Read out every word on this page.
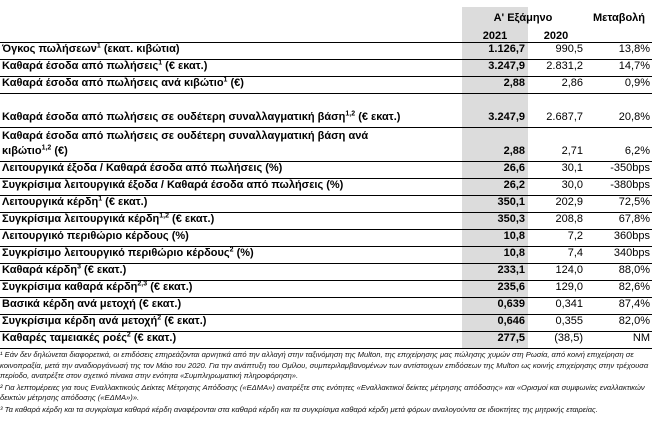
Α' Εξάμηνο	Μεταβολή
2021	2020
Όγκος πωλήσεων$^1$ (εκατ. κιβώτια)	1.126,7	990,5	13,8%
Καθαρά έσοδα από πωλήσεις$^1$ (€ εκατ.)	3.247,9	2.831,2	14,7%
Καθαρά έσοδα από πωλήσεις ανά κιβώτιο$^1$ (€)	2,88	2,86	0,9%
Καθαρά έσοδα από πωλήσεις σε ουδέτερη συναλλαγματική βάση$^{1,2}$ (€ εκατ.)	3.247,9	2.687,7	20,8%
Καθαρά έσοδα από πωλήσεις σε ουδέτερη συναλλαγματική βάση ανά κιβώτιο$^{1,2}$ (€)	2,88	2,71	6,2%
Λειτουργικά έξοδα / Καθαρά έσοδα από πωλήσεις (%)	26,6	30,1	-350bps
Συγκρίσιμα λειτουργικά έξοδα / Καθαρά έσοδα από πωλήσεις (%)	26,2	30,0	-380bps
Λειτουργικά κέρδη$^1$ (€ εκατ.)	350,1	202,9	72,5%
Συγκρίσιμα λειτουργικά κέρδη$^{1,2}$ (€ εκατ.)	350,3	208,8	67,8%
Λειτουργικό περιθώριο κέρδους (%)	10,8	7,2	360bps
Συγκρίσιμο λειτουργικό περιθώριο κέρδους$^2$ (%)	10,8	7,4	340bps
Καθαρά κέρδη$^3$ (€ εκατ.)	233,1	124,0	88,0%
Συγκρίσιμα καθαρά κέρδη$^{2,3}$ (€ εκατ.)	235,6	129,0	82,6%
Βασικά κέρδη ανά μετοχή (€ εκατ.)	0,639	0,341	87,4%
Συγκρίσιμα κέρδη ανά μετοχή$^2$ (€ εκατ.)	0,646	0,355	82,0%
Καθαρές ταμειακές ροές$^2$ (€ εκατ.)	277,5	(38,5)	NM

¹ Εάν δεν δηλώνεται διαφορετικά, οι επιδόσεις επηρεάζονται αρνητικά από την αλλαγή στην ταξινόμηση της Multon, της επιχείρησης μας πώλησης χυμών στη Ρωσία, από κοινή επιχείρηση σε κοινοπραξία, μετά την αναδιοργάνωσή της τον Μάιο του 2020. Για την ανάπτυξη του Ομίλου, συμπεριλαμβανομένων των αντίστοιχων επιδόσεων της Multon ως κοινής επιχείρησης στην τρέχουσα περίοδο, ανατρέξτε στον σχετικό πίνακα στην ενότητα «Συμπληρωματική πληροφόρηση».

² Για λεπτομέρειες για τους Εναλλακτικούς Δείκτες Μέτρησης Απόδοσης («ΕΔΜΑ») ανατρέξτε στις ενότητες «Εναλλακτικοί δείκτες μέτρησης απόδοσης» και «Ορισμοί και συμφωνίες εναλλακτικών δεικτών μέτρησης απόδοσης («ΕΔΜΑ»)».

³ Τα καθαρά κέρδη και τα συγκρίσιμα καθαρά κέρδη αναφέρονται στα καθαρά κέρδη και τα συγκρίσιμα καθαρά κέρδη μετά φόρων αναλογούντα σε ιδιοκτήτες της μητρικής εταιρείας.
